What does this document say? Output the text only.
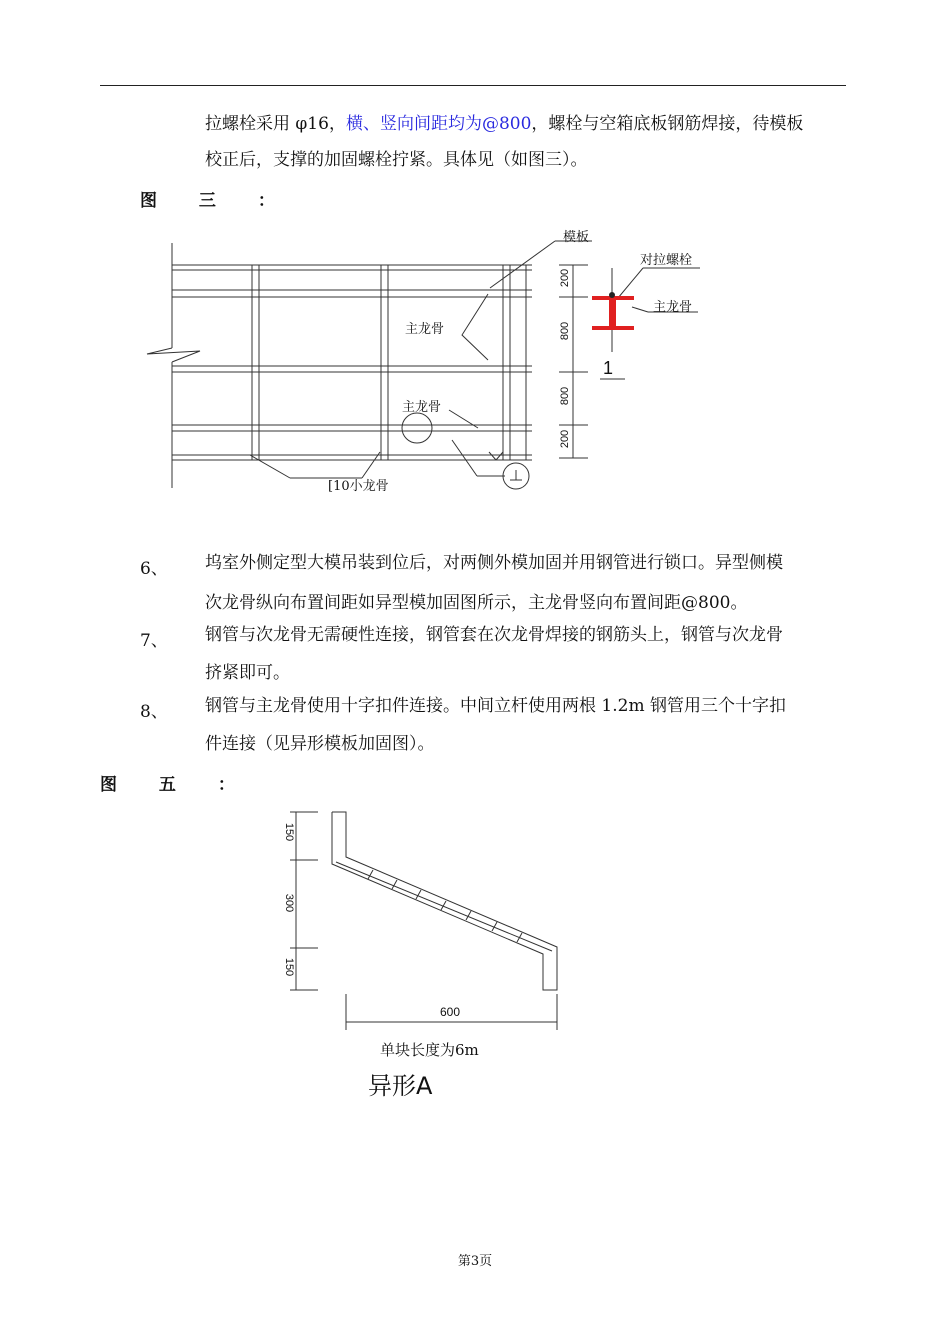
拉螺栓采用 φ16，横、竖向间距均为@800，螺栓与空箱底板钢筋焊接，待模板
校正后，支撑的加固螺栓拧紧。具体见（如图三）。
图 三 ：
模板
对拉螺栓
主龙骨
主龙骨
主龙骨
[10小龙骨
1
200
800
800
200
6、 坞室外侧定型大模吊装到位后，对两侧外模加固并用钢管进行锁口。异型侧模
次龙骨纵向布置间距如异型模加固图所示，主龙骨竖向布置间距@800。
7、 钢管与次龙骨无需硬性连接，钢管套在次龙骨焊接的钢筋头上，钢管与次龙骨
挤紧即可。
8、 钢管与主龙骨使用十字扣件连接。中间立杆使用两根 1.2m 钢管用三个十字扣
件连接（见异形模板加固图）。
图 五 ：
150
300
150
600
单块长度为6m
异形A
第3页
